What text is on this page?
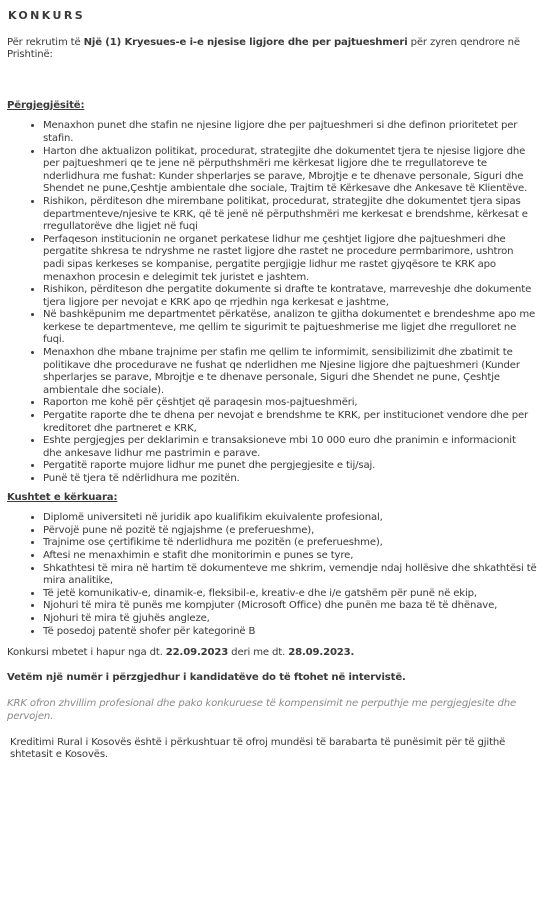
KONKURS

Për rekrutim të Një (1) Kryesues-e i-e njesise ligjore dhe per pajtueshmeri për zyren qendrore në Prishtinë:

Përgjegjësitë:

• Menaxhon punet dhe stafin ne njesine ligjore dhe per pajtueshmeri si dhe definon prioritetet per stafin.
• Harton dhe aktualizon politikat, procedurat, strategjite dhe dokumentet tjera te njesise ligjore dhe per pajtueshmeri qe te jene në përputhshmëri me kërkesat ligjore dhe te rregullatoreve te nderlidhura me fushat: Kunder shperlarjes se parave, Mbrojtje e te dhenave personale, Siguri dhe Shendet ne pune,Çeshtje ambientale dhe sociale, Trajtim të Kërkesave dhe Ankesave të Klientëve.
• Rishikon, përditeson dhe mirembane politikat, procedurat, strategjite dhe dokumentet tjera sipas departmenteve/njesive te KRK, që të jenë në përputhshmëri me kerkesat e brendshme, kërkesat e rregullatorëve dhe ligjet në fuqi
• Perfaqeson institucionin ne organet perkatese lidhur me çeshtjet ligjore dhe pajtueshmeri dhe pergatite shkresa te ndryshme ne rastet ligjore dhe rastet ne procedure permbarimore, ushtron padi sipas kerkeses se kompanise, pergatite pergjigje lidhur me rastet gjyqësore te KRK apo menaxhon procesin e delegimit tek juristet e jashtem.
• Rishikon, përditeson dhe pergatite dokumente si drafte te kontratave, marreveshje dhe dokumente tjera ligjore per nevojat e KRK apo qe rrjedhin nga kerkesat e jashtme,
• Në bashkëpunim me departmentet përkatëse, analizon te gjitha dokumentet e brendeshme apo me kerkese te departmenteve, me qellim te sigurimit te pajtueshmerise me ligjet dhe rregulloret ne fuqi.
• Menaxhon dhe mbane trajnime per stafin me qellim te informimit, sensibilizimit dhe zbatimit te politikave dhe procedurave ne fushat qe nderlidhen me Njesine ligjore dhe pajtueshmeri (Kunder shperlarjes se parave, Mbrojtje e te dhenave personale, Siguri dhe Shendet ne pune, Çeshtje ambientale dhe sociale).
• Raporton me kohë për çështjet që paraqesin mos-pajtueshmëri,
• Pergatite raporte dhe te dhena per nevojat e brendshme te KRK, per institucionet vendore dhe per kreditoret dhe partneret e KRK,
• Eshte pergjegjes per deklarimin e transaksioneve mbi 10 000 euro dhe pranimin e informacionit dhe ankesave lidhur me pastrimin e parave.
• Pergatitë raporte mujore lidhur me punet dhe pergjegjesite e tij/saj.
• Punë të tjera të ndërlidhura me pozitën.

Kushtet e kërkuara:

• Diplomë universiteti në juridik apo kualifikim ekuivalente profesional,
• Përvojë pune në pozitë të ngjajshme (e preferueshme),
• Trajnime ose çertifikime të nderlidhura me pozitën (e preferueshme),
• Aftesi ne menaxhimin e stafit dhe monitorimin e punes se tyre,
• Shkathtesi të mira në hartim të dokumenteve me shkrim, vemendje ndaj hollësive dhe shkathtësi të mira analitike,
• Të jetë komunikativ-e, dinamik-e, fleksibil-e, kreativ-e dhe i/e gatshëm për punë në ekip,
• Njohuri të mira të punës me kompjuter (Microsoft Office) dhe punën me baza të të dhënave,
• Njohuri të mira të gjuhës angleze,
• Të posedoj patentë shofer për kategorinë B

Konkursi mbetet i hapur nga dt. 22.09.2023 deri me dt. 28.09.2023.

Vetëm një numër i përzgjedhur i kandidatëve do të ftohet në intervistë.

KRK ofron zhvillim profesional dhe pako konkuruese të kompensimit ne perputhje me pergjegjesite dhe pervojen.

Kreditimi Rural i Kosovës është i përkushtuar të ofroj mundësi të barabarta të punësimit për të gjithë shtetasit e Kosovës.
